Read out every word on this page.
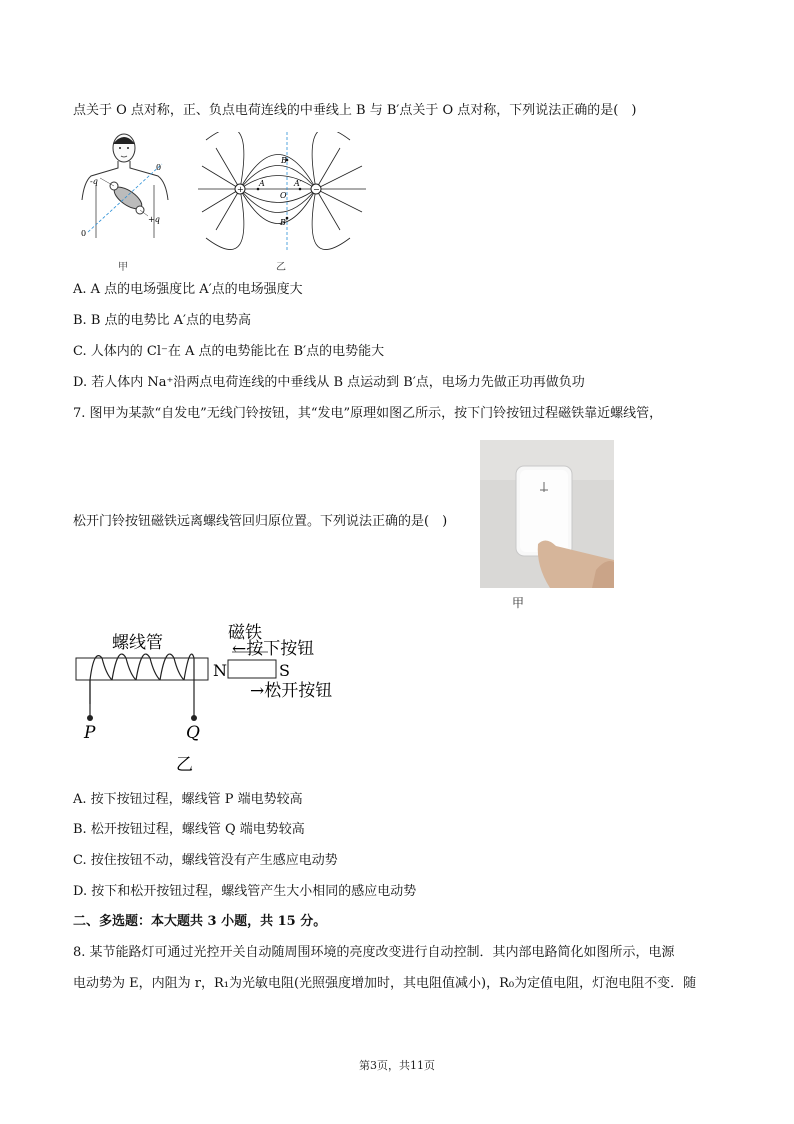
点关于 O 点对称，正、负点电荷连线的中垂线上 B 与 B′点关于 O 点对称，下列说法正确的是(　)
-q
+q
0
0
甲
+	−
B
A
O
A′
B′
乙
A. A 点的电场强度比 A′点的电场强度大
B. B 点的电势比 A′点的电势高
C. 人体内的 Cl⁻在 A 点的电势能比在 B′点的电势能大
D. 若人体内 Na⁺沿两点电荷连线的中垂线从 B 点运动到 B′点，电场力先做正功再做负功
7. 图甲为某款“自发电”无线门铃按钮，其“发电”原理如图乙所示，按下门铃按钮过程磁铁靠近螺线管，
甲
松开门铃按钮磁铁远离螺线管回归原位置。下列说法正确的是(　)
螺线管	磁铁
←按下按钮
→松开按钮
N	S
P	Q
乙
A. 按下按钮过程，螺线管 P 端电势较高
B. 松开按钮过程，螺线管 Q 端电势较高
C. 按住按钮不动，螺线管没有产生感应电动势
D. 按下和松开按钮过程，螺线管产生大小相同的感应电动势
二、多选题：本大题共 3 小题，共 15 分。
8. 某节能路灯可通过光控开关自动随周围环境的亮度改变进行自动控制．其内部电路简化如图所示，电源
电动势为 E，内阻为 r，R₁为光敏电阻(光照强度增加时，其电阻值减小)，R₀为定值电阻，灯泡电阻不变．随
第3页，共11页
